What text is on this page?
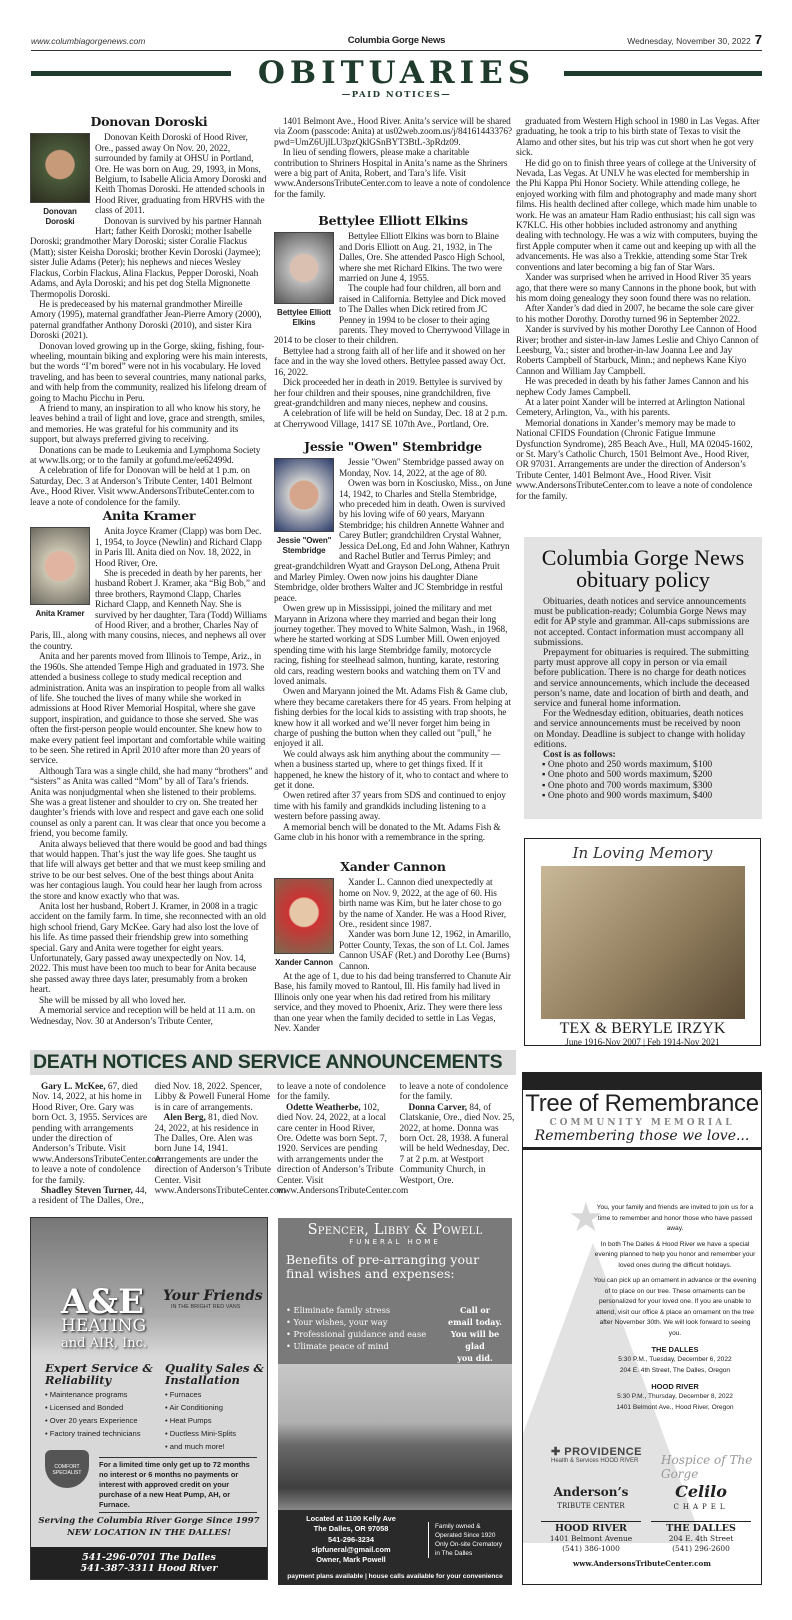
www.columbiagorgenews.com	Columbia Gorge News	Wednesday, November 30, 2022 7
OBITUARIES
—PAID NOTICES—
Donovan Doroski
Donovan Doroski

Donovan Keith Doroski of Hood River, Ore., passed away On Nov. 20, 2022, surrounded by family at OHSU in Portland, Ore. He was born on Aug. 29, 1993, in Mons, Belgium, to Isabelle Alicia Amory Doroski and Keith Thomas Doroski. He attended schools in Hood River, graduating from HRVHS with the class of 2011.

Donovan is survived by his partner Hannah Hart; father Keith Doroski; mother Isabelle Doroski; grandmother Mary Doroski; sister Coralie Flackus (Matt); sister Keisha Doroski; brother Kevin Doroski (Jaymee); sister Julie Adams (Peter); his nephews and nieces Wesley Flackus, Corbin Flackus, Alina Flackus, Pepper Doroski, Noah Adams, and Ayla Doroski; and his pet dog Stella Mignonette Thermopolis Doroski.

He is predeceased by his maternal grandmother Mireille Amory (1995), maternal grandfather Jean-Pierre Amory (2000), paternal grandfather Anthony Doroski (2010), and sister Kira Doroski (2021).

Donovan loved growing up in the Gorge, skiing, fishing, four-wheeling, mountain biking and exploring were his main interests, but the words “I’m bored” were not in his vocabulary. He loved traveling, and has been to several countries, many national parks, and with help from the community, realized his lifelong dream of going to Machu Picchu in Peru.

A friend to many, an inspiration to all who know his story, he leaves behind a trail of light and love, grace and strength, smiles, and memories. He was grateful for his community and its support, but always preferred giving to receiving.

Donations can be made to Leukemia and Lymphoma Society at www.lls.org; or to the family at gofund.me/ee62499d.

A celebration of life for Donovan will be held at 1 p.m. on Saturday, Dec. 3 at Anderson’s Tribute Center, 1401 Belmont Ave., Hood River. Visit www.AndersonsTributeCenter.com to leave a note of condolence for the family.

Anita Kramer
Anita Kramer

Anita Joyce Kramer (Clapp) was born Dec. 1, 1954, to Joyce (Newlin) and Richard Clapp in Paris Ill. Anita died on Nov. 18, 2022, in Hood River, Ore.

She is preceded in death by her parents, her husband Robert J. Kramer, aka “Big Bob,” and three brothers, Raymond Clapp, Charles Richard Clapp, and Kenneth Nay. She is survived by her daughter, Tara (Todd) Williams of Hood River, and a brother, Charles Nay of Paris, Ill., along with many cousins, nieces, and nephews all over the country.

Anita and her parents moved from Illinois to Tempe, Ariz., in the 1960s. She attended Tempe High and graduated in 1973. She attended a business college to study medical reception and administration. Anita was an inspiration to people from all walks of life. She touched the lives of many while she worked in admissions at Hood River Memorial Hospital, where she gave support, inspiration, and guidance to those she served. She was often the first-person people would encounter. She knew how to make every patient feel important and comfortable while waiting to be seen. She retired in April 2010 after more than 20 years of service.

Although Tara was a single child, she had many “brothers” and “sisters” as Anita was called “Mom” by all of Tara’s friends. Anita was nonjudgmental when she listened to their problems. She was a great listener and shoulder to cry on. She treated her daughter’s friends with love and respect and gave each one solid counsel as only a parent can. It was clear that once you become a friend, you become family.

Anita always believed that there would be good and bad things that would happen. That’s just the way life goes. She taught us that life will always get better and that we must keep smiling and strive to be our best selves. One of the best things about Anita was her contagious laugh. You could hear her laugh from across the store and know exactly who that was.

Anita lost her husband, Robert J. Kramer, in 2008 in a tragic accident on the family farm. In time, she reconnected with an old high school friend, Gary McKee. Gary had also lost the love of his life. As time passed their friendship grew into something special. Gary and Anita were together for eight years. Unfortunately, Gary passed away unexpectedly on Nov. 14, 2022. This must have been too much to bear for Anita because she passed away three days later, presumably from a broken heart.

She will be missed by all who loved her.

A memorial service and reception will be held at 11 a.m. on Wednesday, Nov. 30 at Anderson’s Tribute Center,

1401 Belmont Ave., Hood River. Anita’s service will be shared via Zoom (passcode: Anita) at us02web.zoom.us/j/84161443376?pwd=UmZ6UjlLU3pzQklGSnBYT3BtL-3pRdz09.

In lieu of sending flowers, please make a charitable contribution to Shriners Hospital in Anita’s name as the Shriners were a big part of Anita, Robert, and Tara’s life. Visit www.AndersonsTributeCenter.com to leave a note of condolence for the family.

Bettylee Elliott Elkins
Bettylee Elliott Elkins

Bettylee Elliott Elkins was born to Blaine and Doris Elliott on Aug. 21, 1932, in The Dalles, Ore. She attended Pasco High School, where she met Richard Elkins. The two were married on June 4, 1955.

The couple had four children, all born and raised in California. Bettylee and Dick moved to The Dalles when Dick retired from JC Penney in 1994 to be closer to their aging parents. They moved to Cherrywood Village in 2014 to be closer to their children.

Bettylee had a strong faith all of her life and it showed on her face and in the way she loved others. Bettylee passed away Oct. 16, 2022.

Dick proceeded her in death in 2019. Bettylee is survived by her four children and their spouses, nine grandchildren, five great-grandchildren and many nieces, nephew and cousins.

A celebration of life will be held on Sunday, Dec. 18 at 2 p.m. at Cherrywood Village, 1417 SE 107th Ave., Portland, Ore.

Jessie "Owen" Stembridge
Jessie "Owen" Stembridge

Jessie "Owen" Stembridge passed away on Monday, Nov. 14, 2022, at the age of 80.

Owen was born in Kosciusko, Miss., on June 14, 1942, to Charles and Stella Stembridge, who preceded him in death. Owen is survived by his loving wife of 60 years, Maryann Stembridge; his children Annette Wahner and Carey Butler; grandchildren Crystal Wahner, Jessica DeLong, Ed and John Wahner, Kathryn and Rachel Butler and Terrus Pimley; and great-grandchildren Wyatt and Grayson DeLong, Athena Pruit and Marley Pimley. Owen now joins his daughter Diane Stembridge, older brothers Walter and JC Stembridge in restful peace.

Owen grew up in Mississippi, joined the military and met Maryann in Arizona where they married and began their long journey together. They moved to White Salmon, Wash., in 1968, where he started working at SDS Lumber Mill. Owen enjoyed spending time with his large Stembridge family, motorcycle racing, fishing for steelhead salmon, hunting, karate, restoring old cars, reading western books and watching them on TV and loved animals.

Owen and Maryann joined the Mt. Adams Fish & Game club, where they became caretakers there for 45 years. From helping at fishing derbies for the local kids to assisting with trap shoots, he knew how it all worked and we’ll never forget him being in charge of pushing the button when they called out "pull," he enjoyed it all.

We could always ask him anything about the community — when a business started up, where to get things fixed. If it happened, he knew the history of it, who to contact and where to get it done.

Owen retired after 37 years from SDS and continued to enjoy time with his family and grandkids including listening to a western before passing away.

A memorial bench will be donated to the Mt. Adams Fish & Game club in his honor with a remembrance in the spring.

Xander Cannon
Xander Cannon

Xander L. Cannon died unexpectedly at home on Nov. 9, 2022, at the age of 60. His birth name was Kim, but he later chose to go by the name of Xander. He was a Hood River, Ore., resident since 1987.

Xander was born June 12, 1962, in Amarillo, Potter County, Texas, the son of Lt. Col. James Cannon USAF (Ret.) and Dorothy Lee (Burns) Cannon.

At the age of 1, due to his dad being transferred to Chanute Air Base, his family moved to Rantoul, Ill. His family had lived in Illinois only one year when his dad retired from his military service, and they moved to Phoenix, Ariz. They were there less than one year when the family decided to settle in Las Vegas, Nev. Xander

graduated from Western High school in 1980 in Las Vegas. After graduating, he took a trip to his birth state of Texas to visit the Alamo and other sites, but his trip was cut short when he got very sick.

He did go on to finish three years of college at the University of Nevada, Las Vegas. At UNLV he was elected for membership in the Phi Kappa Phi Honor Society. While attending college, he enjoyed working with film and photography and made many short films. His health declined after college, which made him unable to work. He was an amateur Ham Radio enthusiast; his call sign was K7KLC. His other hobbies included astronomy and anything dealing with technology. He was a wiz with computers, buying the first Apple computer when it came out and keeping up with all the advancements. He was also a Trekkie, attending some Star Trek conventions and later becoming a big fan of Star Wars.

Xander was surprised when he arrived in Hood River 35 years ago, that there were so many Cannons in the phone book, but with his mom doing genealogy they soon found there was no relation.

After Xander’s dad died in 2007, he became the sole care giver to his mother Dorothy. Dorothy turned 96 in September 2022.

Xander is survived by his mother Dorothy Lee Cannon of Hood River; brother and sister-in-law James Leslie and Chiyo Cannon of Leesburg, Va.; sister and brother-in-law Joanna Lee and Jay Roberts Campbell of Starbuck, Minn.; and nephews Kane Kiyo Cannon and William Jay Campbell.

He was preceded in death by his father James Cannon and his nephew Cody James Campbell.

At a later point Xander will be interred at Arlington National Cemetery, Arlington, Va., with his parents.

Memorial donations in Xander’s memory may be made to National CFIDS Foundation (Chronic Fatigue Immune Dysfunction Syndrome), 285 Beach Ave., Hull, MA 02045-1602, or St. Mary’s Catholic Church, 1501 Belmont Ave., Hood River, OR 97031. Arrangements are under the direction of Anderson’s Tribute Center, 1401 Belmont Ave., Hood River. Visit www.AndersonsTributeCenter.com to leave a note of condolence for the family.

Columbia Gorge News obituary policy

Obituaries, death notices and service announcements must be publication-ready; Columbia Gorge News may edit for AP style and grammar. All-caps submissions are not accepted. Contact information must accompany all submissions.

Prepayment for obituaries is required. The submitting party must approve all copy in person or via email before publication. There is no charge for death notices and service announcements, which include the deceased person’s name, date and location of birth and death, and service and funeral home information.

For the Wednesday edition, obituaries, death notices and service announcements must be received by noon on Monday. Deadline is subject to change with holiday editions.

Cost is as follows:

▪ One photo and 250 words maximum, $100
▪ One photo and 500 words maximum, $200
▪ One photo and 700 words maximum, $300
▪ One photo and 900 words maximum, $400
In Loving Memory
TEX & BERYLE IRZYK
June 1916-Nov 2007 | Feb 1914-Nov 2021
DEATH NOTICES AND SERVICE ANNOUNCEMENTS

Gary L. McKee, 67, died Nov. 14, 2022, at his home in Hood River, Ore. Gary was born Oct. 3, 1955. Services are pending with arrangements under the direction of Anderson’s Tribute. Visit www.AndersonsTributeCenter.com to leave a note of condolence for the family.

Shadley Steven Turner, 44, a resident of The Dalles, Ore., died Nov. 18, 2022. Spencer, Libby & Powell Funeral Home is in care of arrangements.

Alen Berg, 81, died Nov. 24, 2022, at his residence in The Dalles, Ore. Alen was born June 14, 1941. Arrangements are under the direction of Anderson’s Tribute Center. Visit www.AndersonsTributeCenter.com to leave a note of condolence for the family.

Odette Weatherbe, 102, died Nov. 24, 2022, at a local care center in Hood River, Ore. Odette was born Sept. 7, 1920. Services are pending with arrangements under the direction of Anderson’s Tribute Center. Visit www.AndersonsTributeCenter.com to leave a note of condolence for the family.

Donna Carver, 84, of Clatskanie, Ore., died Nov. 25, 2022, at home. Donna was born Oct. 28, 1938. A funeral will be held Wednesday, Dec. 7 at 2 p.m. at Westport Community Church, in Westport, Ore.

A&E
HEATING
and AIR, Inc.
Your Friends
IN THE BRIGHT RED VANS
Expert Service & Reliability
• Maintenance programs
• Licensed and Bonded
• Over 20 years Experience
• Factory trained technicians
Quality Sales & Installation
• Furnaces
• Air Conditioning
• Heat Pumps
• Ductless Mini-Splits
• and much more!
COMFORT SPECIALIST
For a limited time only get up to 72 months no interest or 6 months no payments or interest with approved credit on your purchase of a new Heat Pump, AH, or Furnace.
Serving the Columbia River Gorge Since 1997
NEW LOCATION IN THE DALLES!
541-296-0701 The Dalles
541-387-3311 Hood River
Spencer, Libby & Powell
FUNERAL HOME
Benefits of pre-arranging your final wishes and expenses:
• Eliminate family stress
• Your wishes, your way
• Professional guidance and ease
• Ulimate peace of mind
Call or
email today.
You will be glad
you did.
Located at 1100 Kelly Ave
The Dalles, OR 97058
541-296-3234
slpfuneral@gmail.com
Owner, Mark Powell
Family owned &
Operated Since 1920
Only On-site Crematory
in The Dalles
payment plans available | house calls available for your convenience
Tree of Remembrance
COMMUNITY MEMORIAL
Remembering those we love...
★

You, your family and friends are invited to join us for a time to remember and honor those who have passed away.

In both The Dalles & Hood River we have a special evening planned to help you honor and remember your loved ones during the difficult holidays.

You can pick up an ornament in advance or the evening of to place on our tree. These ornaments can be personalized for your loved one. If you are unable to attend, visit our office & place an ornament on the tree after November 30th. We will look forward to seeing you.

THE DALLES
5:30 P.M., Tuesday, December 6, 2022
204 E. 4th Street, The Dalles, Oregon
HOOD RIVER
5:30 P.M., Thursday, December 8, 2022
1401 Belmont Ave., Hood River, Oregon
✚ PROVIDENCE
Health & Services HOOD RIVER	Hospice of The Gorge
Anderson’s
TRIBUTE CENTER
HOOD RIVER
1401 Belmont Avenue
(541) 386-1000
Celilo
CHAPEL
THE DALLES
204 E. 4th Street
(541) 296-2600
www.AndersonsTributeCenter.com
